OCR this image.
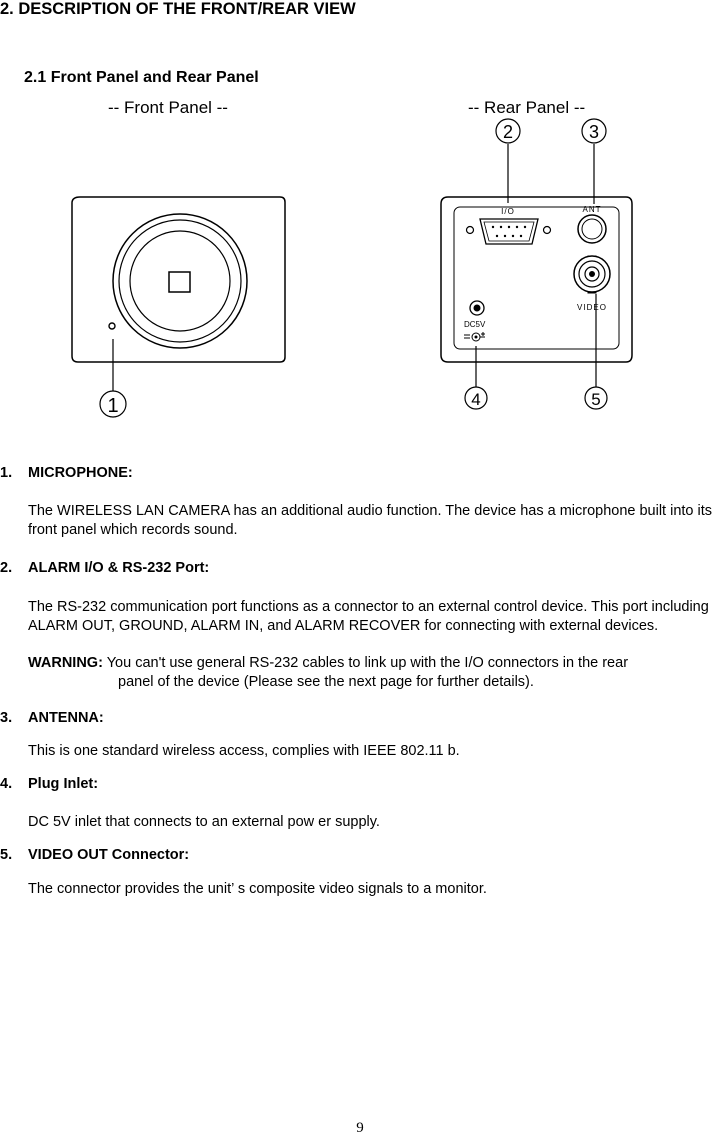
2. DESCRIPTION OF THE FRONT/REAR VIEW
2.1 Front Panel and Rear Panel
-- Front Panel --	-- Rear Panel --
1
I/O	ANT
VIDEO
DC5V
2	3
4	5
1. MICROPHONE:
The WIRELESS LAN CAMERA has an additional audio function. The device has a microphone built into its front panel which records sound.
2. ALARM I/O & RS-232 Port:
The RS-232 communication port functions as a connector to an external control device. This port including ALARM OUT, GROUND, ALARM IN, and ALARM RECOVER for connecting with external devices.
WARNING: You can't use general RS-232 cables to link up with the I/O connectors in the rear
panel of the device (Please see the next page for further details).
3. ANTENNA:
This is one standard wireless access, complies with IEEE 802.11 b.
4. Plug Inlet:
DC 5V inlet that connects to an external pow er supply.
5. VIDEO OUT Connector:
The connector provides the unit’ s composite video signals to a monitor.
9
